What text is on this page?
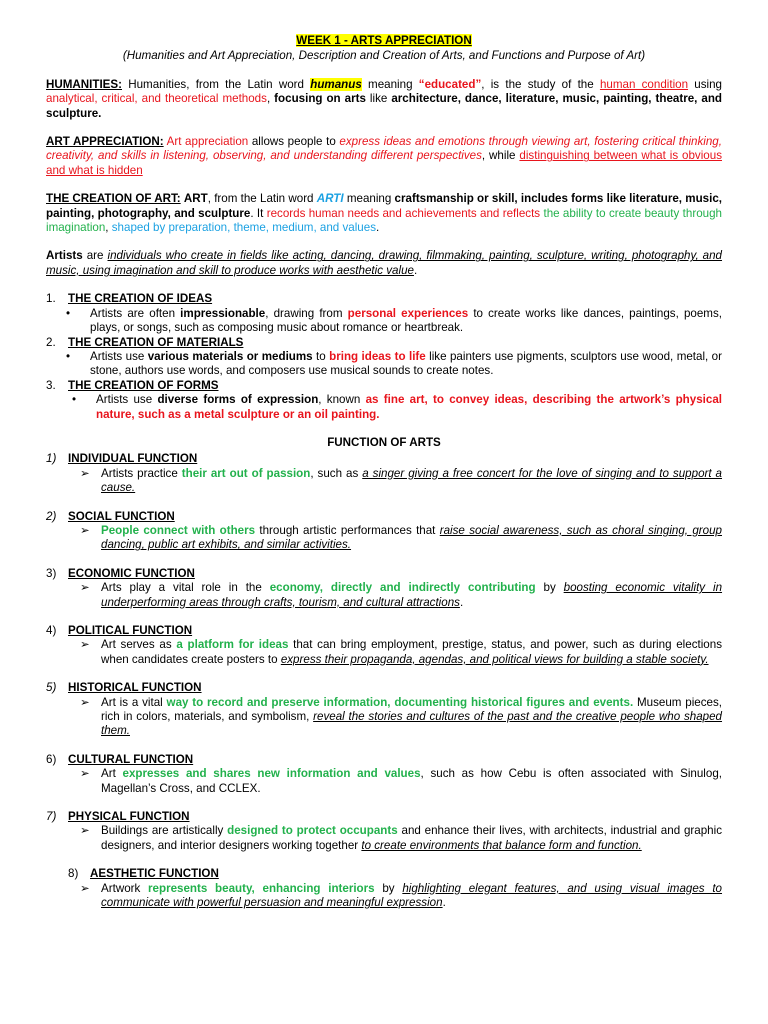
WEEK 1 - ARTS APPRECIATION
(Humanities and Art Appreciation, Description and Creation of Arts, and Functions and Purpose of Art)

HUMANITIES: Humanities, from the Latin word humanus meaning “educated”, is the study of the human condition using analytical, critical, and theoretical methods, focusing on arts like architecture, dance, literature, music, painting, theatre, and sculpture.

ART APPRECIATION: Art appreciation allows people to express ideas and emotions through viewing art, fostering critical thinking, creativity, and skills in listening, observing, and understanding different perspectives, while distinguishing between what is obvious and what is hidden

THE CREATION OF ART: ART, from the Latin word ARTI meaning craftsmanship or skill, includes forms like literature, music, painting, photography, and sculpture. It records human needs and achievements and reflects the ability to create beauty through imagination, shaped by preparation, theme, medium, and values.

Artists are individuals who create in fields like acting, dancing, drawing, filmmaking, painting, sculpture, writing, photography, and music, using imagination and skill to produce works with aesthetic value.

1.	THE CREATION OF IDEAS
•	Artists are often impressionable, drawing from personal experiences to create works like dances, paintings, poems, plays, or songs, such as composing music about romance or heartbreak.

2.	THE CREATION OF MATERIALS
•	Artists use various materials or mediums to bring ideas to life like painters use pigments, sculptors use wood, metal, or stone, authors use words, and composers use musical sounds to create notes.

3.	THE CREATION OF FORMS
•	Artists use diverse forms of expression, known as fine art, to convey ideas, describing the artwork’s physical nature, such as a metal sculpture or an oil painting.

FUNCTION OF ARTS
1)	INDIVIDUAL FUNCTION
➢ Artists practice their art out of passion, such as a singer giving a free concert for the love of singing and to support a cause.

2)	SOCIAL FUNCTION
➢ People connect with others through artistic performances that raise social awareness, such as choral singing, group dancing, public art exhibits, and similar activities.

3)	ECONOMIC FUNCTION
➢ Arts play a vital role in the economy, directly and indirectly contributing by boosting economic vitality in underperforming areas through crafts, tourism, and cultural attractions.

4)	POLITICAL FUNCTION
➢ Art serves as a platform for ideas that can bring employment, prestige, status, and power, such as during elections when candidates create posters to express their propaganda, agendas, and political views for building a stable society.

5)	HISTORICAL FUNCTION
➢ Art is a vital way to record and preserve information, documenting historical figures and events. Museum pieces, rich in colors, materials, and symbolism, reveal the stories and cultures of the past and the creative people who shaped them.

6)	CULTURAL FUNCTION
➢ Art expresses and shares new information and values, such as how Cebu is often associated with Sinulog, Magellan’s Cross, and CCLEX.

7)	PHYSICAL FUNCTION
➢ Buildings are artistically designed to protect occupants and enhance their lives, with architects, industrial and graphic designers, and interior designers working together to create environments that balance form and function.

8)	AESTHETIC FUNCTION
➢ Artwork represents beauty, enhancing interiors by highlighting elegant features, and using visual images to communicate with powerful persuasion and meaningful expression.
